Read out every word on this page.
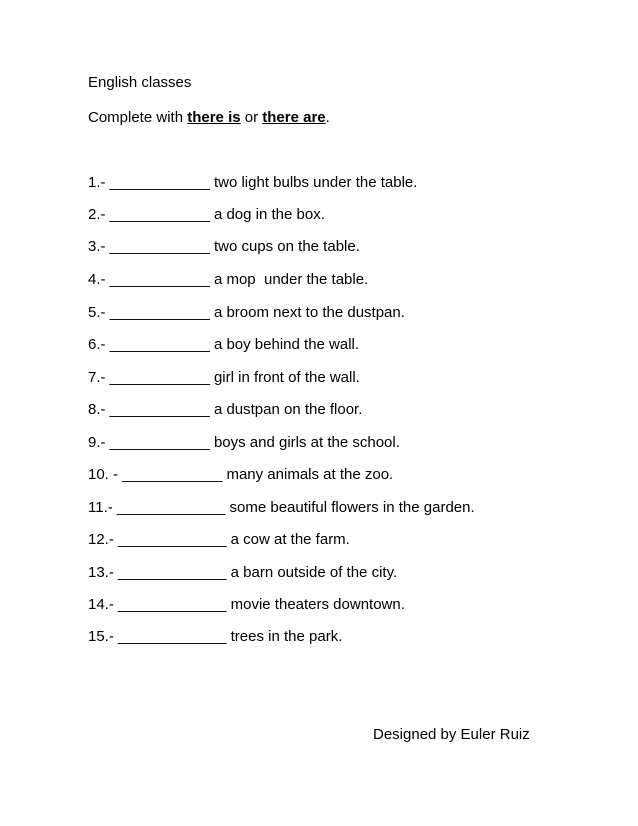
English classes
Complete with there is or there are.
1.- ____________ two light bulbs under the table.
2.- ____________ a dog in the box.
3.- ____________ two cups on the table.
4.- ____________ a mop  under the table.
5.- ____________ a broom next to the dustpan.
6.- ____________ a boy behind the wall.
7.- ____________ girl in front of the wall.
8.- ____________ a dustpan on the floor.
9.- ____________ boys and girls at the school.
10. - ____________ many animals at the zoo.
11.- _____________ some beautiful flowers in the garden.
12.- _____________ a cow at the farm.
13.- _____________ a barn outside of the city.
14.- _____________ movie theaters downtown.
15.- _____________ trees in the park.
Designed by Euler Ruiz
